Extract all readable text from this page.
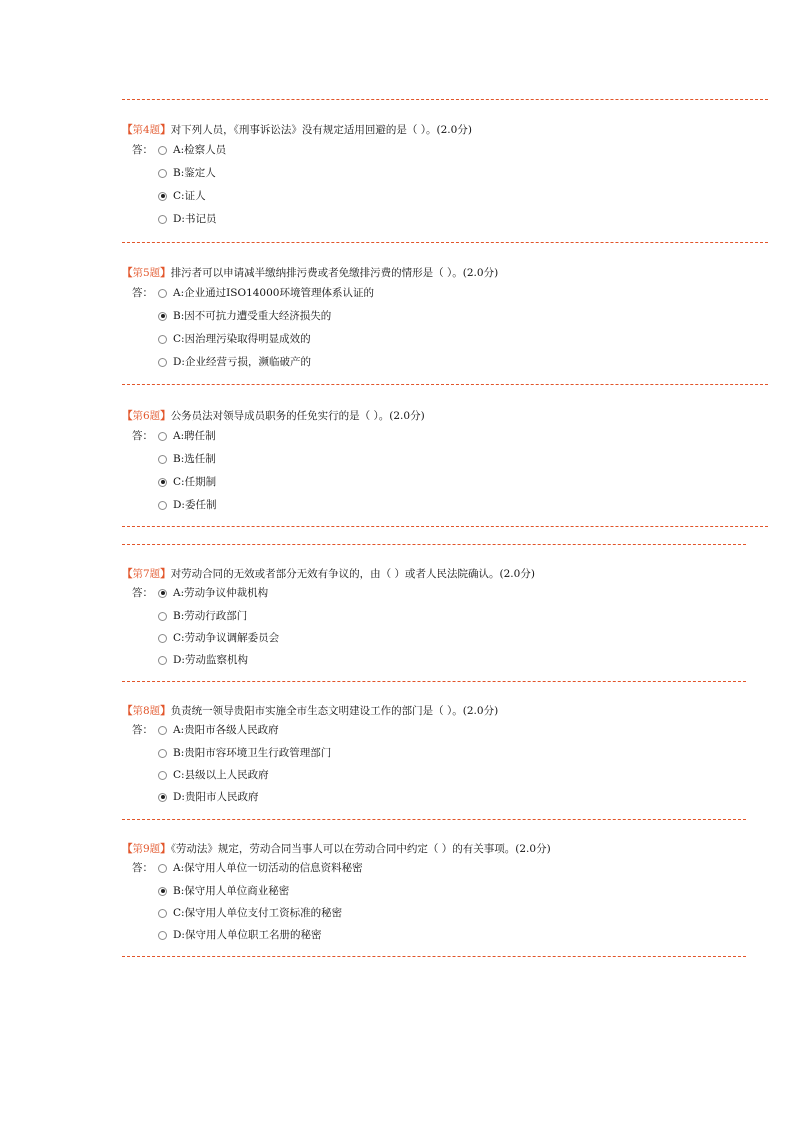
【第4题】对下列人员，《刑事诉讼法》没有规定适用回避的是（ ）。(2.0分)
答： A:检察人员
B:鉴定人
C:证人
D:书记员
【第5题】排污者可以申请减半缴纳排污费或者免缴排污费的情形是（ ）。(2.0分)
答： A:企业通过ISO14000环境管理体系认证的
B:因不可抗力遭受重大经济损失的
C:因治理污染取得明显成效的
D:企业经营亏损，濒临破产的
【第6题】公务员法对领导成员职务的任免实行的是（ ）。(2.0分)
答： A:聘任制
B:选任制
C:任期制
D:委任制
【第7题】对劳动合同的无效或者部分无效有争议的，由（ ）或者人民法院确认。(2.0分)
答： A:劳动争议仲裁机构
B:劳动行政部门
C:劳动争议调解委员会
D:劳动监察机构
【第8题】负责统一领导贵阳市实施全市生态文明建设工作的部门是（ ）。(2.0分)
答： A:贵阳市各级人民政府
B:贵阳市容环境卫生行政管理部门
C:县级以上人民政府
D:贵阳市人民政府
【第9题】《劳动法》规定，劳动合同当事人可以在劳动合同中约定（ ）的有关事项。(2.0分)
答： A:保守用人单位一切活动的信息资料秘密
B:保守用人单位商业秘密
C:保守用人单位支付工资标准的秘密
D:保守用人单位职工名册的秘密
